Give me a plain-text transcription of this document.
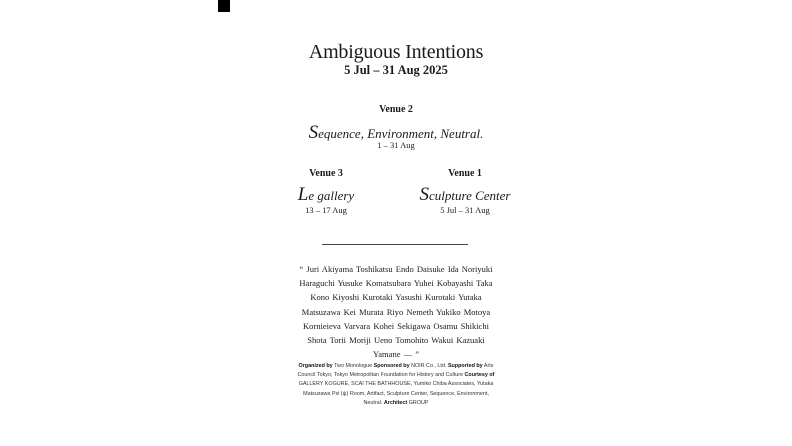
Ambiguous Intentions
5 Jul – 31 Aug 2025
Venue 2
Sequence, Environment, Neutral.
1 – 31 Aug
Venue 3
Le gallery
13 – 17 Aug
Venue 1
Sculpture Center
5 Jul – 31 Aug
“ Juri Akiyama Toshikatsu Endo Daisuke Ida Noriyuki Haraguchi Yusuke Komatsubara Yuhei Kobayashi Taka Kono Kiyoshi Kurotaki Yasushi Kurotaki Yutaka Matsuzawa Kei Murata Riyo Nemeth Yukiko Motoya Kornieieva Varvara Kohei Sekigawa Osamu Shikichi Shota Torii Moriji Ueno Tomohito Wakui Kazuaki Yamane — ”
Organized by Two Monologue Sponsored by NOIR Co., Ltd. Supported by Arts Council Tokyo, Tokyo Metropolitan Foundation for History and Culture Courtesy of GALLERY KOGURE, SCAI THE BATHHOUSE, Yumiko Chiba Associates, Yutaka Matsuzawa Psi (ψ) Room, Artifact, Sculpture Center, Sequence, Environment, Neutral. Architect GROUP
